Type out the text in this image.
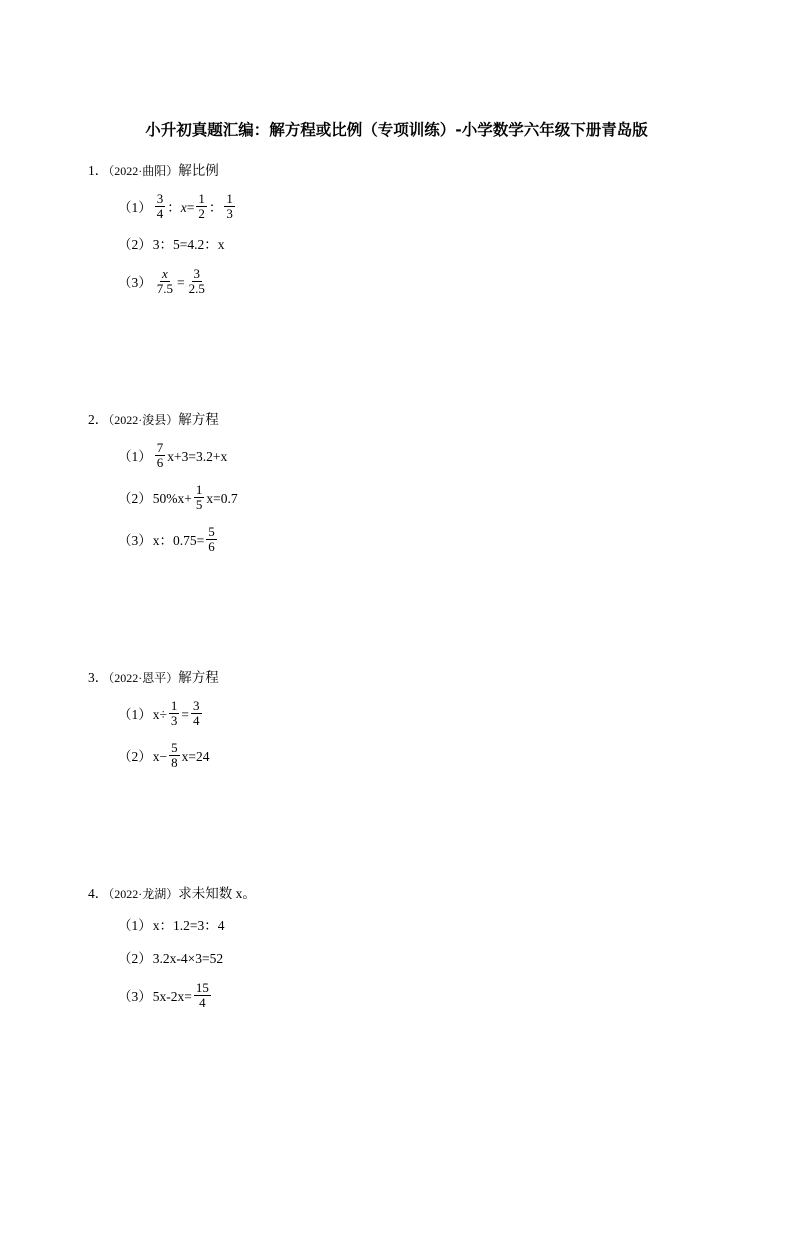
小升初真题汇编：解方程或比例（专项训练）-小学数学六年级下册青岛版
1．（2022·曲阳）解比例
$(1) \frac{3}{4}$ ： $x = \frac{1}{2}$ ： $\frac{1}{3}$
（2） 3：5=4.2：x
$(3) \frac{x}{7.5} = \frac{3}{2.5}$
2．（2022·浚县）解方程
$(1) \frac{7}{6} x+3=3.2+x$
（2） $50\%x+ \frac{1}{5} x=0.7$
（3） x：$0.75= \frac{5}{6}$
3．（2022·恩平）解方程
（1） $x\div \frac{1}{3} = \frac{3}{4}$
（2） $x- \frac{5}{8} x=24$
4．（2022·龙湖）求未知数 x。
（1） x：1.2=3：4
（2） 3.2x-4×3=52
（3） $5x-2x= \frac{15}{4}$
